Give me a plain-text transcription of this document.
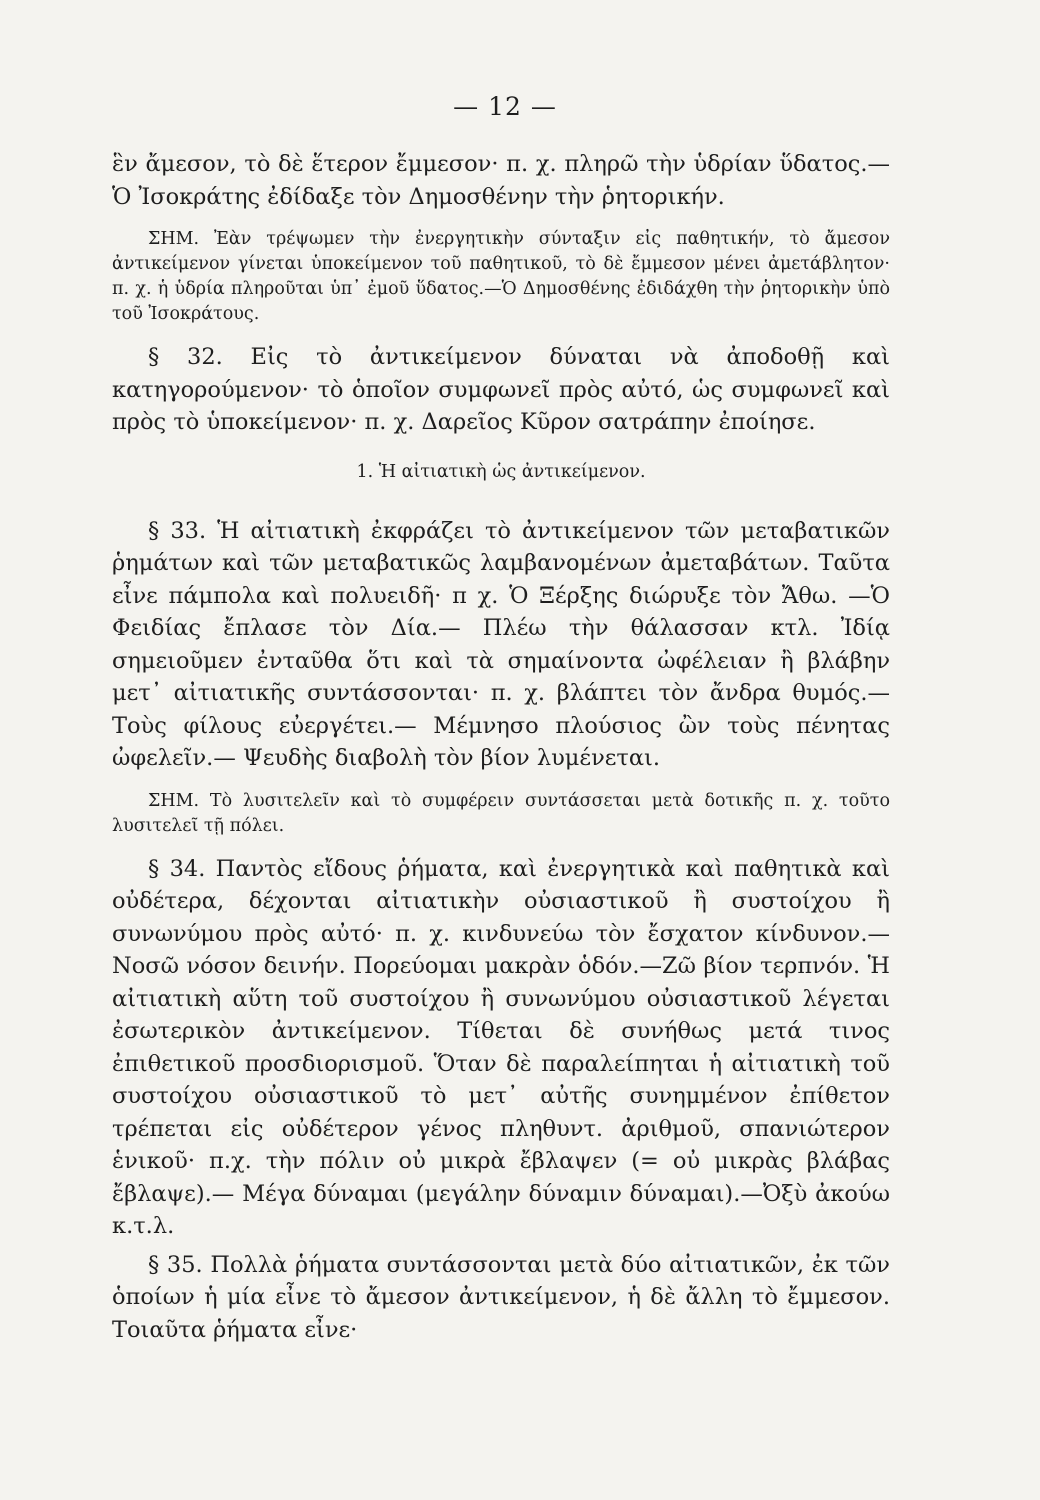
— 12 —

ἓν ἄμεσον, τὸ δὲ ἕτερον ἔμμεσον· π. χ. πληρῶ τὴν ὑδρίαν ὕδατος.— Ὁ Ἰσοκράτης ἐδίδαξε τὸν Δημοσθένην τὴν ῥητορικήν.

ΣΗΜ. Ἐὰν τρέψωμεν τὴν ἐνεργητικὴν σύνταξιν εἰς παθητικήν, τὸ ἄμεσον ἀντικείμενον γίνεται ὑποκείμενον τοῦ παθητικοῦ, τὸ δὲ ἔμμεσον μένει ἀμετάβλητον· π. χ. ἡ ὑδρία πληροῦται ὑπ᾽ ἐμοῦ ὕδατος.—Ὁ Δημοσθένης ἐδιδάχθη τὴν ῥητορικὴν ὑπὸ τοῦ Ἰσοκράτους.

§ 32. Εἰς τὸ ἀντικείμενον δύναται νὰ ἀποδοθῇ καὶ κατηγορούμενον· τὸ ὁποῖον συμφωνεῖ πρὸς αὐτό, ὡς συμφωνεῖ καὶ πρὸς τὸ ὑποκείμενον· π. χ. Δαρεῖος Κῦρον σατράπην ἐποίησε.

1. Ἡ αἰτιατικὴ ὡς ἀντικείμενον.

§ 33. Ἡ αἰτιατικὴ ἐκφράζει τὸ ἀντικείμενον τῶν μεταβατικῶν ῥημάτων καὶ τῶν μεταβατικῶς λαμβανομένων ἀμεταβάτων. Ταῦτα εἶνε πάμπολα καὶ πολυειδῆ· π χ. Ὁ Ξέρξης διώρυξε τὸν Ἄθω. —Ὁ Φειδίας ἔπλασε τὸν Δία.— Πλέω τὴν θάλασσαν κτλ. Ἰδίᾳ σημειοῦμεν ἐνταῦθα ὅτι καὶ τὰ σημαίνοντα ὠφέλειαν ἢ βλάβην μετ᾽ αἰτιατικῆς συντάσσονται· π. χ. βλάπτει τὸν ἄνδρα θυμός.— Τοὺς φίλους εὐεργέτει.— Μέμνησο πλούσιος ὢν τοὺς πένητας ὠφελεῖν.— Ψευδὴς διαβολὴ τὸν βίον λυμένεται.

ΣΗΜ. Τὸ λυσιτελεῖν καὶ τὸ συμφέρειν συντάσσεται μετὰ δοτικῆς π. χ. τοῦτο λυσιτελεῖ τῇ πόλει.

§ 34. Παντὸς εἴδους ῥήματα, καὶ ἐνεργητικὰ καὶ παθητικὰ καὶ οὐδέτερα, δέχονται αἰτιατικὴν οὐσιαστικοῦ ἢ συστοίχου ἢ συνωνύμου πρὸς αὐτό· π. χ. κινδυνεύω τὸν ἔσχατον κίνδυνον.— Νοσῶ νόσον δεινήν. Πορεύομαι μακρὰν ὁδόν.—Ζῶ βίον τερπνόν. Ἡ αἰτιατικὴ αὕτη τοῦ συστοίχου ἢ συνωνύμου οὐσιαστικοῦ λέγεται ἐσωτερικὸν ἀντικείμενον. Τίθεται δὲ συνήθως μετά τινος ἐπιθετικοῦ προσδιορισμοῦ. Ὅταν δὲ παραλείπηται ἡ αἰτιατικὴ τοῦ συστοίχου οὐσιαστικοῦ τὸ μετ᾽ αὐτῆς συνημμένον ἐπίθετον τρέπεται εἰς οὐδέτερον γένος πληθυντ. ἀριθμοῦ, σπανιώτερον ἑνικοῦ· π.χ. τὴν πόλιν οὐ μικρὰ ἔβλαψεν (= οὐ μικρὰς βλάβας ἔβλαψε).— Μέγα δύναμαι (μεγάλην δύναμιν δύναμαι).—Ὀξὺ ἀκούω κ.τ.λ.

§ 35. Πολλὰ ῥήματα συντάσσονται μετὰ δύο αἰτιατικῶν, ἐκ τῶν ὁποίων ἡ μία εἶνε τὸ ἄμεσον ἀντικείμενον, ἡ δὲ ἄλλη τὸ ἔμμεσον. Τοιαῦτα ῥήματα εἶνε·
